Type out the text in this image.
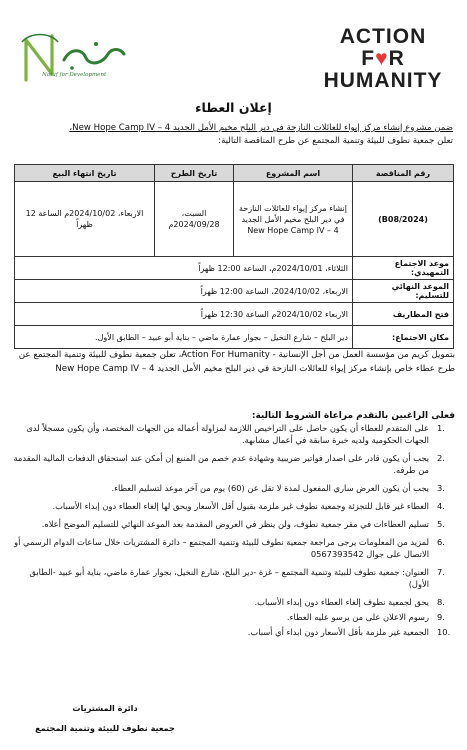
Natuf for Development
ACTION
F♥R
HUMANITY
إعلان العطاء
ضمن مشروع إنشاء مركز إيواء للعائلات النازحة في دير البلح مخيم الأمل الجديد New Hope Camp IV – 4،
تعلن جمعية نطوف للبيئة وتنمية المجتمع عن طرح المناقصة التالية:
رقم المناقصة	اسم المشروع	تاريخ الطرح	تاريخ انتهاء البيع
(B08/2024)	إنشاء مركز إيواء للعائلات النازحة في دير البلح مخيم الأمل الجديد New Hope Camp IV – 4	السبت، 2024/09/28م	الاربعاء، 2024/10/02م الساعة 12 ظهراً
موعد الاجتماع التمهيدي:	الثلاثاء، 2024/10/01م، الساعة 12:00 ظهراً		
الموعد النهائي للتسليم:	الاربعاء، 2024/10/02، الساعة 12:00 ظهراً		
فتح المظاريف	الاربعاء 2024/10/02م الساعة 12:30 ظهراً		
مكان الاجتماع:	دير البلح – شارع النخيل – بجوار عمارة ماضي – بناية أبو عبيد – الطابق الأول.		
بتمويل كريم من مؤسسة العمل من أجل الإنسانية - Action For Humanity، تعلن جمعية نطوف للبيئة وتنمية المجتمع عن طرح عطاء خاص بإنشاء مركز إيواء للعائلات النازحة في دير البلح مخيم الأمل الجديد New Hope Camp IV – 4
فعلى الراغبين بالتقدم مراعاة الشروط التالية:
.1
على المتقدم للعطاء أن يكون حاصل على التراخيص اللازمة لمزاولة أعماله من الجهات المختصة، وأن يكون مسجلاً لدى الجهات الحكومية ولديه خبرة سابقة في أعمال مشابهة.
.2
يجب أن يكون قادر على اصدار فواتير ضريبية وشهادة عدم خصم من المنبع إن أمكن عند استحقاق الدفعات المالية المقدمة من طرفه.
.3
يجب أن يكون العرض ساري المفعول لمدة لا تقل عن (60) يوم من آخر موعد لتسليم العطاء.
.4
العطاء غير قابل للتجزئة وجمعية نطوف غير ملزمة بقبول أقل الأسعار ويحق لها إلغاء العطاء دون إبداء الأسباب.
.5
تسليم العطاءات في مقر جمعية نطوف، ولن ينظر في العروض المقدمة بعد الموعد النهائي للتسليم الموضح أعلاه.
.6
لمزيد من المعلومات يرجى مراجعة جمعية نطوف للبيئة وتنمية المجتمع – دائرة المشتريات خلال ساعات الدوام الرسمي أو الاتصال على جوال 0567393542
.7
العنوان: جمعية نطوف للبيئة وتنمية المجتمع – غزة -دير البلح، شارع النخيل، بجوار عمارة ماضي، بناية أبو عبيد -الطابق الأول)
.8
يحق لجمعية نطوف إلغاء العطاء دون إبداء الأسباب.
.9
رسوم الاعلان على من يرسو عليه العطاء.
.10
الجمعية غير ملزمة بأقل الأسعار دون ابداء أي أسباب.
دائرة المشتريات
جمعية نطوف للبيئة وتنمية المجتمع
